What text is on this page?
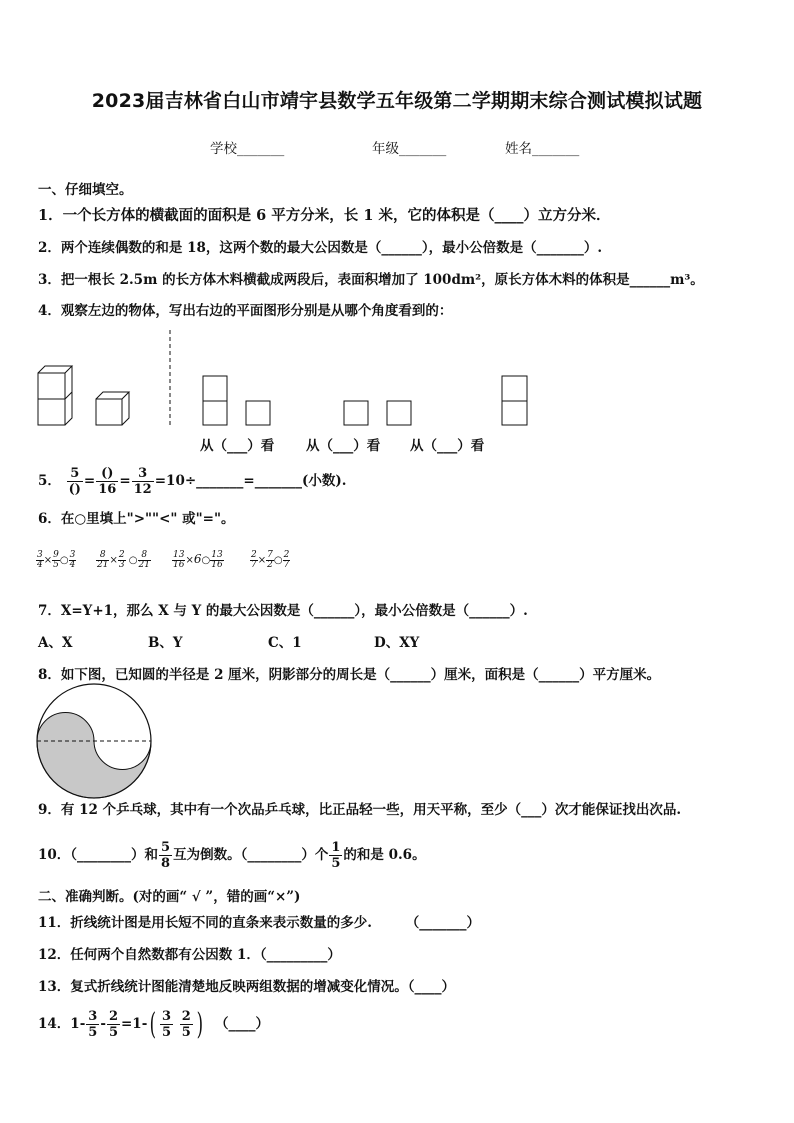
2023届吉林省白山市靖宇县数学五年级第二学期期末综合测试模拟试题
学校_______	年级_______	姓名_______
一、仔细填空。
1．一个长方体的横截面的面积是 6 平方分米，长 1 米，它的体积是（____）立方分米．
2．两个连续偶数的和是 18，这两个数的最大公因数是（______），最小公倍数是（_______）.
3．把一根长 2.5m 的长方体木料横截成两段后，表面积增加了 100dm²，原长方体木料的体积是______m³。
4．观察左边的物体，写出右边的平面图形分别是从哪个角度看到的：
从（___）看 从（___）看 从（___）看
5． $\frac{5}{()} = \frac{()}{16} = \frac{3}{12}$ =10÷_______=_______(小数).
6．在○里填上">""<" 或"="。
$\frac{3}{4} \times \frac{9}{5}$ ○ $\frac{3}{4} \frac{8}{21} \times \frac{2}{3}$ ○ $\frac{8}{21} \frac{13}{16}$ ×6○ $\frac{13}{16}$	$\frac{2}{7} \times \frac{7}{2}$ ○ $\frac{2}{7}$
7．X=Y+1，那么 X 与 Y 的最大公因数是（______），最小公倍数是（______）.
A、X	B、Y	C、1	D、XY
8．如下图，已知圆的半径是 2 厘米，阴影部分的周长是（______）厘米，面积是（______）平方厘米。
9．有 12 个乒乓球，其中有一个次品乒乓球，比正品轻一些，用天平称，至少（___）次才能保证找出次品.
10．（________）和 $\frac{5}{8}$ 互为倒数。（________）个 $\frac{1}{5}$ 的和是 0.6。
二、准确判断。(对的画“ √ ”，错的画“×”)
11．折线统计图是用长短不同的直条来表示数量的多少.　　　（_______）
12．任何两个自然数都有公因数 1．（_________）
13．复式折线统计图能清楚地反映两组数据的增减变化情况。（____）
14．$1- \frac{3}{5} - \frac{2}{5} =1-( \frac{3}{5}$
$\frac{2}{5}$ ) （____）
